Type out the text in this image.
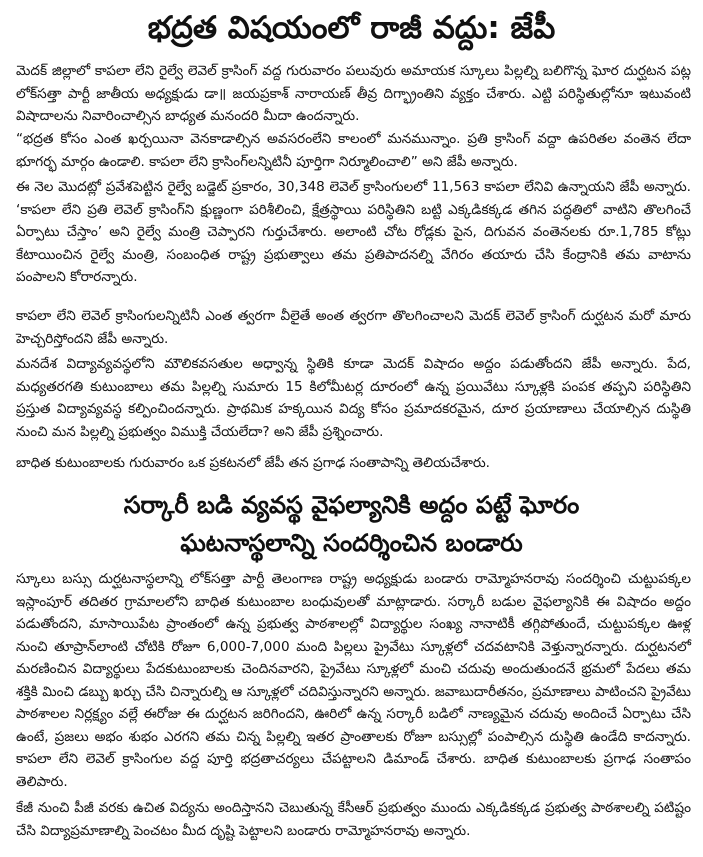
భద్రత విషయంలో రాజీ వద్దు: జేపీ

మెదక్ జిల్లాలో కాపలా లేని రైల్వే లెవెల్ క్రాసింగ్ వద్ద గురువారం పలువురు అమాయక స్కూలు పిల్లల్ని బలిగొన్న ఘోర దుర్ఘటన పట్ల లోక్‌సత్తా పార్టీ జాతీయ అధ్యక్షుడు డా॥ జయప్రకాశ్ నారాయణ్ తీవ్ర దిగ్భ్రాంతిని వ్యక్తం చేశారు. ఎట్టి పరిస్థితుల్లోనూ ఇటువంటి విషాదాలను నివారించాల్సిన బాధ్యత మనందరి మీదా ఉందన్నారు.

“భద్రత కోసం ఎంత ఖర్చయినా వెనకాడాల్సిన అవసరంలేని కాలంలో మనమున్నాం. ప్రతి క్రాసింగ్ వద్దా ఉపరితల వంతెన లేదా భూగర్భ మార్గం ఉండాలి. కాపలా లేని క్రాసింగ్‌లన్నిటినీ పూర్తిగా నిర్మూలించాలి” అని జేపీ అన్నారు.

ఈ నెల మొదట్లో ప్రవేశపెట్టిన రైల్వే బడ్జెట్ ప్రకారం, 30,348 లెవెల్ క్రాసింగులలో 11,563 కాపలా లేనివి ఉన్నాయని జేపీ అన్నారు. ‘కాపలా లేని ప్రతి లెవెల్ క్రాసింగ్‌ని క్షుణ్ణంగా పరిశీలించి, క్షేత్రస్థాయి పరిస్థితిని బట్టి ఎక్కడికక్కడ తగిన పద్ధతిలో వాటిని తొలగించే ఏర్పాటు చేస్తాం’ అని రైల్వే మంత్రి చెప్పారని గుర్తుచేశారు. అలాంటి చోట రోడ్లకు పైన, దిగువన వంతెనలకు రూ.1,785 కోట్లు కేటాయించిన రైల్వే మంత్రి, సంబంధిత రాష్ట్ర ప్రభుత్వాలు తమ ప్రతిపాదనల్ని వేగిరం తయారు చేసి కేంద్రానికి తమ వాటాను పంపాలని కోరారన్నారు.

కాపలా లేని లెవెల్ క్రాసింగులన్నిటినీ ఎంత త్వరగా వీలైతే అంత త్వరగా తొలగించాలని మెదక్ లెవెల్ క్రాసింగ్ దుర్ఘటన మరో మారు హెచ్చరిస్తోందని జేపీ అన్నారు.

మనదేశ విద్యావ్యవస్థలోని మౌలికవసతుల అధ్వాన్న స్థితికి కూడా మెదక్ విషాదం అద్దం పడుతోందని జేపీ అన్నారు. పేద, మధ్యతరగతి కుటుంబాలు తమ పిల్లల్ని సుమారు 15 కిలోమీటర్ల దూరంలో ఉన్న ప్రయివేటు స్కూళ్లకి పంపక తప్పని పరిస్థితిని ప్రస్తుత విద్యావ్యవస్థ కల్పించిందన్నారు. ప్రాథమిక హక్కయిన విద్య కోసం ప్రమాదకరమైన, దూర ప్రయాణాలు చేయాల్సిన దుస్థితి నుంచి మన పిల్లల్ని ప్రభుత్వం విముక్తి చేయలేదా? అని జేపీ ప్రశ్నించారు.

బాధిత కుటుంబాలకు గురువారం ఒక ప్రకటనలో జేపీ తన ప్రగాఢ సంతాపాన్ని తెలియచేశారు.

సర్కారీ బడి వ్యవస్థ వైఫల్యానికి అద్దం పట్టే ఘోరం
ఘటనాస్థలాన్ని సందర్శించిన బండారు

స్కూలు బస్సు దుర్ఘటనాస్థలాన్ని లోక్‌సత్తా పార్టీ తెలంగాణ రాష్ట్ర అధ్యక్షుడు బండారు రామ్మోహనరావు సందర్శించి చుట్టుపక్కల ఇస్లాంపూర్ తదితర గ్రామాలలోని బాధిత కుటుంబాల బంధువులతో మాట్లాడారు. సర్కారీ బడుల వైఫల్యానికి ఈ విషాదం అద్దం పడుతోందని, మాసాయిపేట ప్రాంతంలో ఉన్న ప్రభుత్వ పాఠశాలల్లో విద్యార్థుల సంఖ్య నానాటికీ తగ్గిపోతుందే, చుట్టుపక్కల ఊళ్ల నుంచి తూప్రాన్‌లాంటి చోటికి రోజూ 6,000-7,000 మంది పిల్లలు ప్రైవేటు స్కూళ్లలో చదవటానికి వెళ్తున్నారన్నారు. దుర్ఘటనలో మరణించిన విద్యార్థులు పేదకుటుంబాలకు చెందినవారని, ప్రైవేటు స్కూళ్లలో మంచి చదువు అందుతుందనే భ్రమలో పేదలు తమ శక్తికి మించి డబ్బు ఖర్చు చేసి చిన్నారుల్ని ఆ స్కూళ్లలో చదివిస్తున్నారని అన్నారు. జవాబుదారీతనం, ప్రమాణాలు పాటించని ప్రైవేటు పాఠశాలల నిర్లక్ష్యం వల్లే ఈరోజు ఈ దుర్ఘటన జరిగిందని, ఊరిలో ఉన్న సర్కారీ బడిలో నాణ్యమైన చదువు అందించే ఏర్పాటు చేసి ఉంటే, ప్రజలు అభం శుభం ఎరగని తమ చిన్న పిల్లల్ని ఇతర ప్రాంతాలకు రోజూ బస్సుల్లో పంపాల్సిన దుస్థితి ఉండేది కాదన్నారు. కాపలా లేని లెవెల్ క్రాసింగుల వద్ద పూర్తి భద్రతాచర్యలు చేపట్టాలని డిమాండ్ చేశారు. బాధిత కుటుంబాలకు ప్రగాఢ సంతాపం తెలిపారు.

కేజీ నుంచి పీజీ వరకు ఉచిత విద్యను అందిస్తానని చెబుతున్న కేసీఆర్ ప్రభుత్వం ముందు ఎక్కడికక్కడ ప్రభుత్వ పాఠశాలల్ని పటిష్టం చేసి విద్యాప్రమాణాల్ని పెంచటం మీద దృష్టి పెట్టాలని బండారు రామ్మోహనరావు అన్నారు.
